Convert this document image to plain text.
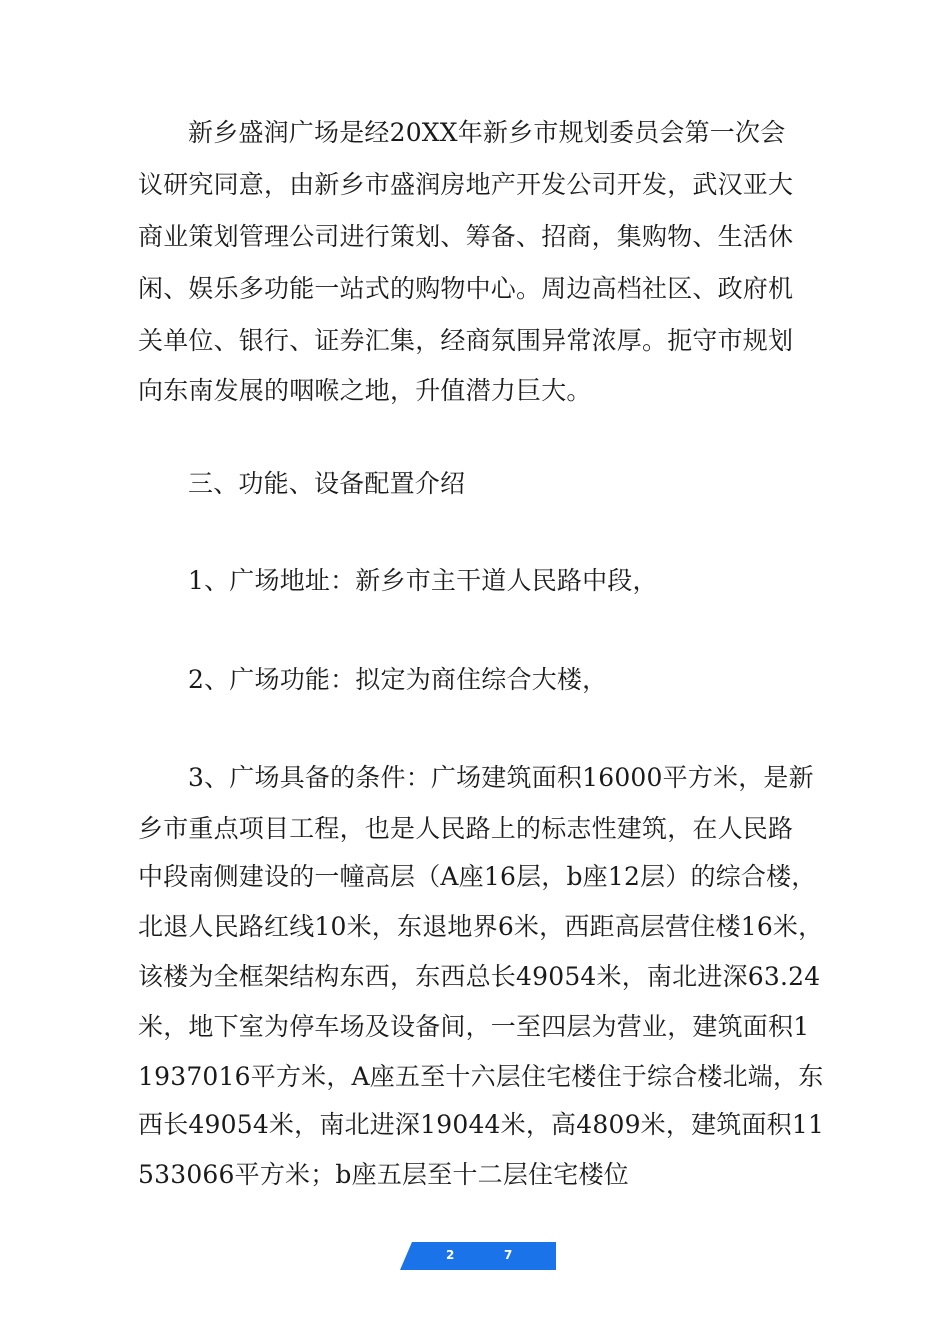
新乡盛润广场是经20XX年新乡市规划委员会第一次会
议研究同意，由新乡市盛润房地产开发公司开发，武汉亚大
商业策划管理公司进行策划、筹备、招商，集购物、生活休
闲、娱乐多功能一站式的购物中心。周边高档社区、政府机
关单位、银行、证券汇集，经商氛围异常浓厚。扼守市规划
向东南发展的咽喉之地，升值潜力巨大。
三、功能、设备配置介绍
1、广场地址：新乡市主干道人民路中段，
2、广场功能：拟定为商住综合大楼，
3、广场具备的条件：广场建筑面积16000平方米，是新
乡市重点项目工程，也是人民路上的标志性建筑，在人民路
中段南侧建设的一幢高层（A座16层，b座12层）的综合楼，
北退人民路红线10米，东退地界6米，西距高层营住楼16米，
该楼为全框架结构东西，东西总长49054米，南北进深63.24
米，地下室为停车场及设备间，一至四层为营业，建筑面积1
1937016平方米，A座五至十六层住宅楼住于综合楼北端，东
西长49054米，南北进深19044米，高4809米，建筑面积11
533066平方米；b座五层至十二层住宅楼位
2	7
